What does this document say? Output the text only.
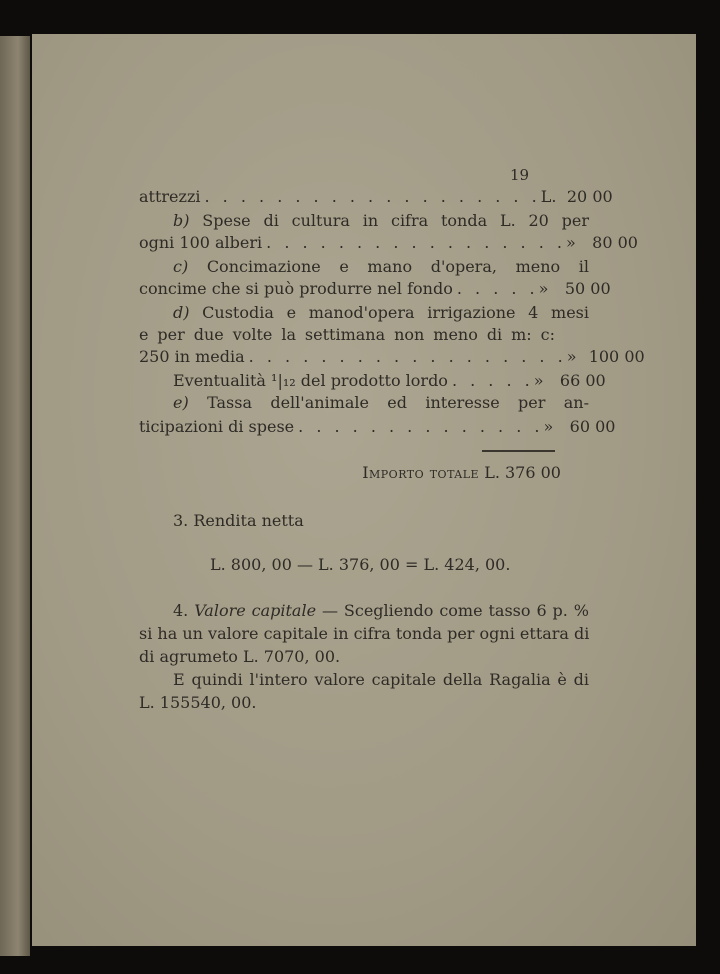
19
attrezzi . . . . . . . . . . . . . . . . . . . L. 20 00
b) Spese di cultura in cifra tonda L. 20 per
ogni 100 alberi . . . . . . . . . . . . . . . . . »	80 00
c) Concimazione e mano d'opera, meno il
concime che si può produrre nel fondo . . . . . »	50 00
d) Custodia e manod'opera irrigazione 4 mesi
e per due volte la settimana non meno di m: c:
250 in media . . . . . . . . . . . . . . . . . . » 100 00
Eventualità ¹|₁₂ del prodotto lordo . . . . . »	66 00
e) Tassa dell'animale ed interesse per an-
ticipazioni di spese . . . . . . . . . . . . . . »	60 00
Importo totale L. 376 00
3. Rendita netta
L. 800, 00 — L. 376, 00 = L. 424, 00.
4. Valore capitale — Scegliendo come tasso 6 p. %
si ha un valore capitale in cifra tonda per ogni ettara di
di agrumeto L. 7070, 00.
E quindi l'intero valore capitale della Ragalia è di
L. 155540, 00.
